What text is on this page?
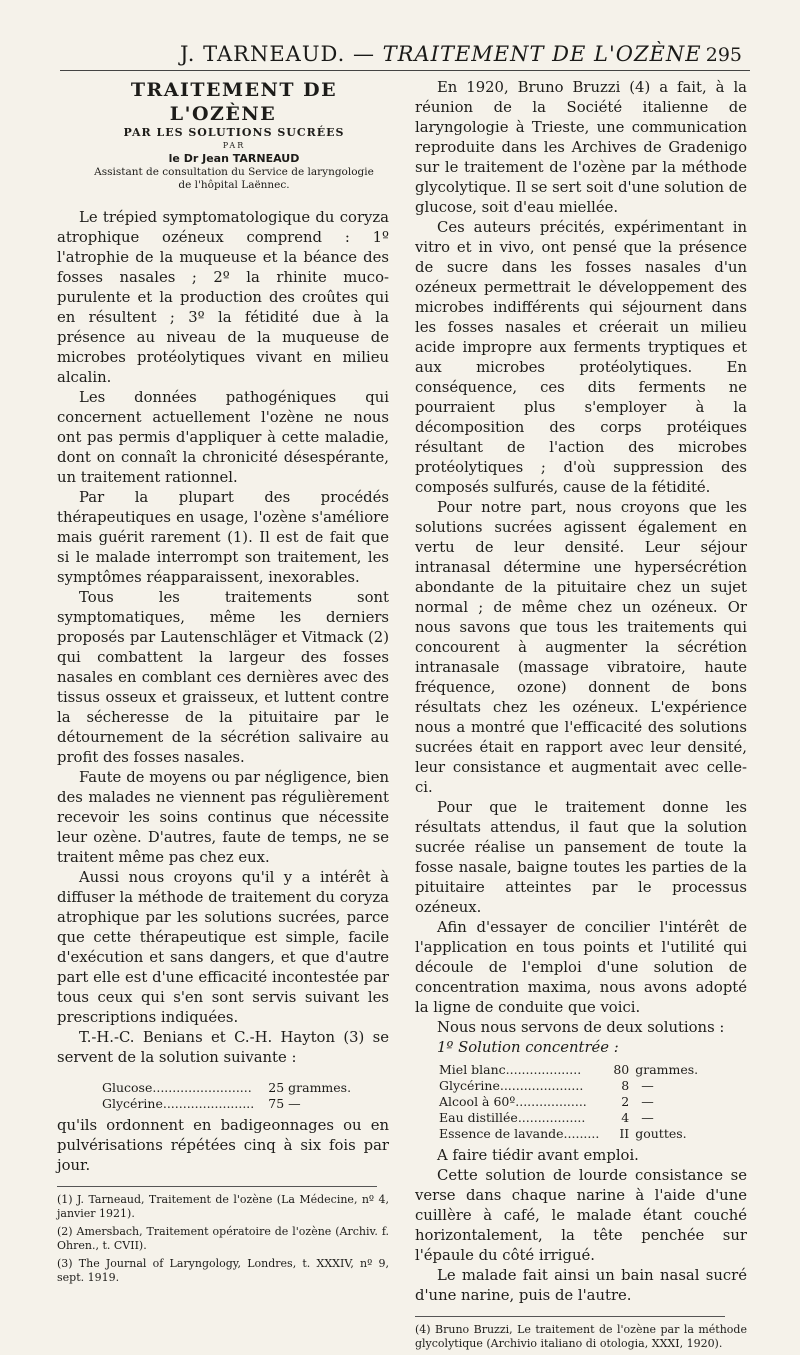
J. TARNEAUD. — TRAITEMENT DE L'OZÈNE 295

TRAITEMENT DE L'OZÈNE

PAR LES SOLUTIONS SUCRÉES

PAR

le Dr Jean TARNEAUD

Assistant de consultation du Service de laryngologie

de l'hôpital Laënnec.

Le trépied symptomatologique du coryza atrophique ozéneux comprend : 1º l'atrophie de la muqueuse et la béance des fosses nasales ; 2º la rhinite muco-purulente et la production des croûtes qui en résultent ; 3º la fétidité due à la présence au niveau de la muqueuse de microbes protéolytiques vivant en milieu alcalin.

Les données pathogéniques qui concernent actuellement l'ozène ne nous ont pas permis d'appliquer à cette maladie, dont on connaît la chronicité désespérante, un traitement rationnel.

Par la plupart des procédés thérapeutiques en usage, l'ozène s'améliore mais guérit rarement (1). Il est de fait que si le malade interrompt son traitement, les symptômes réapparaissent, inexorables.

Tous les traitements sont symptomatiques, même les derniers proposés par Lautenschläger et Vitmack (2) qui combattent la largeur des fosses nasales en comblant ces dernières avec des tissus osseux et graisseux, et luttent contre la sécheresse de la pituitaire par le détournement de la sécrétion salivaire au profit des fosses nasales.

Faute de moyens ou par négligence, bien des malades ne viennent pas régulièrement recevoir les soins continus que nécessite leur ozène. D'autres, faute de temps, ne se traitent même pas chez eux.

Aussi nous croyons qu'il y a intérêt à diffuser la méthode de traitement du coryza atrophique par les solutions sucrées, parce que cette thérapeutique est simple, facile d'exécution et sans dangers, et que d'autre part elle est d'une efficacité incontestée par tous ceux qui s'en sont servis suivant les prescriptions indiquées.

T.-H.-C. Benians et C.-H. Hayton (3) se servent de la solution suivante :

Glucose.........................	25 grammes.
Glycérine.......................	75 —

qu'ils ordonnent en badigeonnages ou en pulvérisations répétées cinq à six fois par jour.

(1) J. Tarneaud, Traitement de l'ozène (La Médecine, nº 4, janvier 1921).

(2) Amersbach, Traitement opératoire de l'ozène (Archiv. f. Ohren., t. CVII).

(3) The Journal of Laryngology, Londres, t. XXXIV, nº 9, sept. 1919.

En 1920, Bruno Bruzzi (4) a fait, à la réunion de la Société italienne de laryngologie à Trieste, une communication reproduite dans les Archives de Gradenigo sur le traitement de l'ozène par la méthode glycolytique. Il se sert soit d'une solution de glucose, soit d'eau miellée.

Ces auteurs précités, expérimentant in vitro et in vivo, ont pensé que la présence de sucre dans les fosses nasales d'un ozéneux permettrait le développement des microbes indifférents qui séjournent dans les fosses nasales et créerait un milieu acide impropre aux ferments tryptiques et aux microbes protéolytiques. En conséquence, ces dits ferments ne pourraient plus s'employer à la décomposition des corps protéiques résultant de l'action des microbes protéolytiques ; d'où suppression des composés sulfurés, cause de la fétidité.

Pour notre part, nous croyons que les solutions sucrées agissent également en vertu de leur densité. Leur séjour intranasal détermine une hypersécrétion abondante de la pituitaire chez un sujet normal ; de même chez un ozéneux. Or nous savons que tous les traitements qui concourent à augmenter la sécrétion intranasale (massage vibratoire, haute fréquence, ozone) donnent de bons résultats chez les ozéneux. L'expérience nous a montré que l'efficacité des solutions sucrées était en rapport avec leur densité, leur consistance et augmentait avec celle-ci.

Pour que le traitement donne les résultats attendus, il faut que la solution sucrée réalise un pansement de toute la fosse nasale, baigne toutes les parties de la pituitaire atteintes par le processus ozéneux.

Afin d'essayer de concilier l'intérêt de l'application en tous points et l'utilité qui découle de l'emploi d'une solution de concentration maxima, nous avons adopté la ligne de conduite que voici.

Nous nous servons de deux solutions :

1º Solution concentrée :

Miel blanc...................	80	grammes.
Glycérine.....................	8	—
Alcool à 60º..................	2	—
Eau distillée.................	4	—
Essence de lavande.........	II	gouttes.

A faire tiédir avant emploi.

Cette solution de lourde consistance se verse dans chaque narine à l'aide d'une cuillère à café, le malade étant couché horizontalement, la tête penchée sur l'épaule du côté irrigué.

Le malade fait ainsi un bain nasal sucré d'une narine, puis de l'autre.

(4) Bruno Bruzzi, Le traitement de l'ozène par la méthode glycolytique (Archivio italiano di otologia, XXXI, 1920).
